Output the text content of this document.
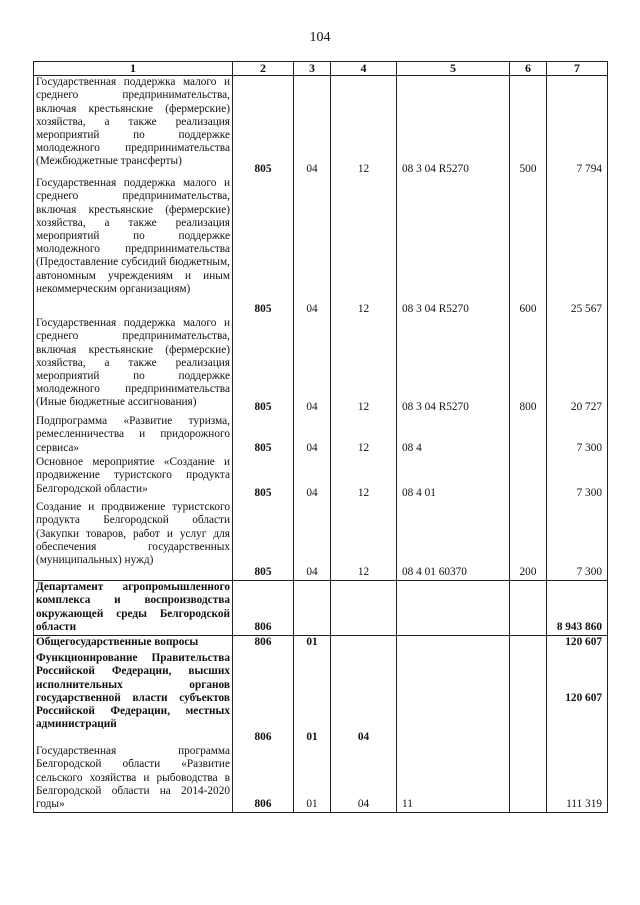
104
1	2	3	4	5	6	7
Государственная поддержка малого и среднего предпринимательства, включая крестьянские (фермерские) хозяйства, а также реализация мероприятий по поддержке молодежного предпринимательства (Межбюджетные трансферты)	805	04	12	08 3 04 R5270	500	7 794
Государственная поддержка малого и среднего предпринимательства, включая крестьянские (фермерские) хозяйства, а также реализация мероприятий по поддержке молодежного предпринимательства (Предоставление субсидий бюджетным, автономным учреждениям и иным некоммерческим организациям)	805	04	12	08 3 04 R5270	600	25 567
Государственная поддержка малого и среднего предпринимательства, включая крестьянские (фермерские) хозяйства, а также реализация мероприятий по поддержке молодежного предпринимательства (Иные бюджетные ассигнования)	805	04	12	08 3 04 R5270	800	20 727
Подпрограмма «Развитие туризма, ремесленничества и придорожного сервиса»	805	04	12	08 4		7 300
Основное мероприятие «Создание и продвижение туристского продукта Белгородской области»	805	04	12	08 4 01		7 300
Создание и продвижение туристского продукта Белгородской области (Закупки товаров, работ и услуг для обеспечения государственных (муниципальных) нужд)	805	04	12	08 4 01 60370	200	7 300
Департамент агропромышленного комплекса и воспроизводства окружающей среды Белгородской области	806					8 943 860
Общегосударственные вопросы	806	01				120 607
Функционирование Правительства Российской Федерации, высших исполнительных органов государственной власти субъектов Российской Федерации, местных администраций	806	01	04			120 607
Государственная программа Белгородской области «Развитие сельского хозяйства и рыбоводства в Белгородской области на 2014-2020 годы»	806	01	04	11		111 319
